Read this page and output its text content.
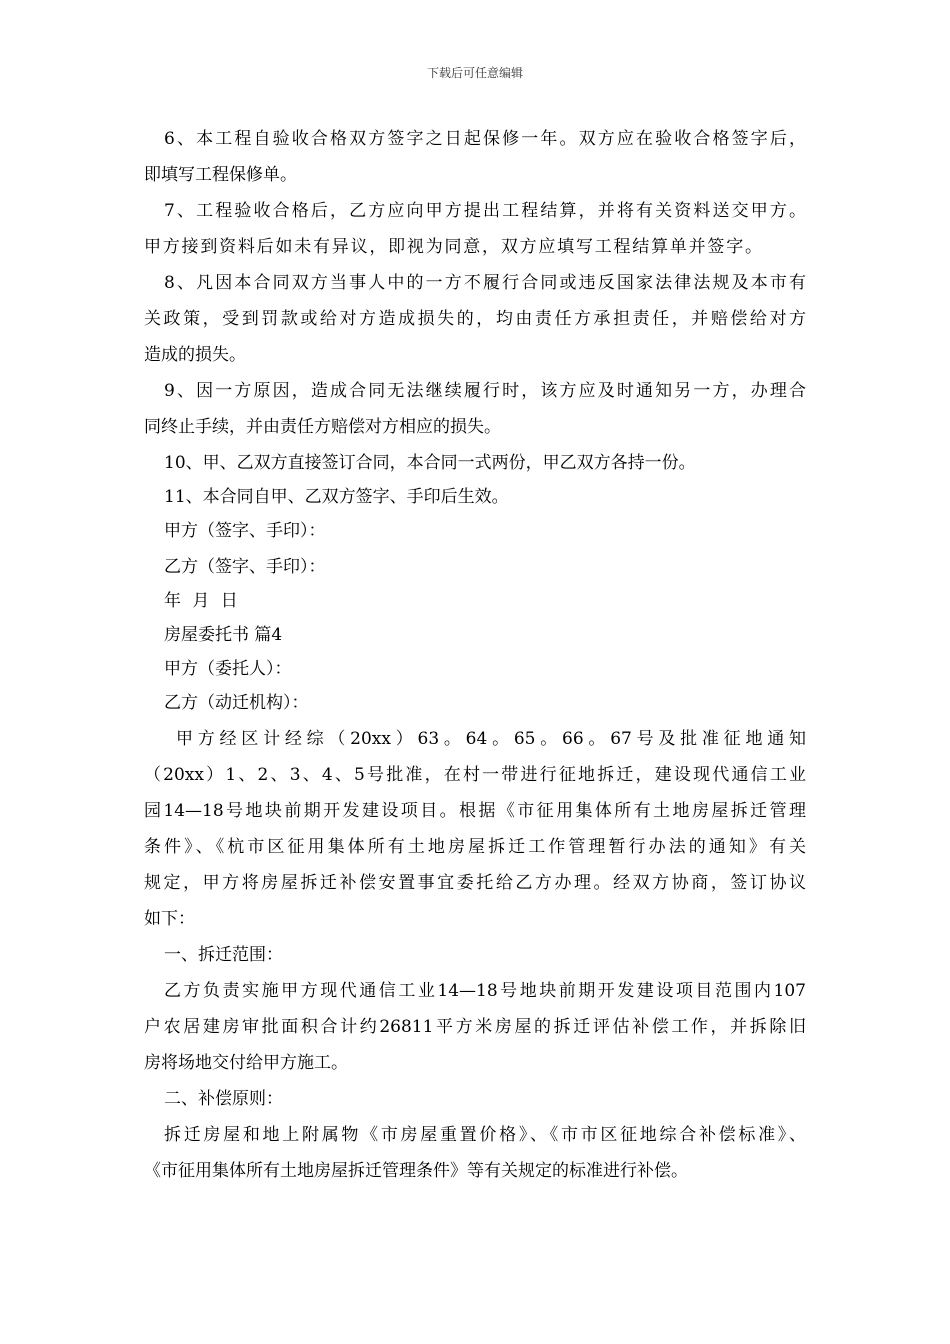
下载后可任意编辑
6、本工程自验收合格双方签字之日起保修一年。双方应在验收合格签字后，
即填写工程保修单。
7、工程验收合格后，乙方应向甲方提出工程结算，并将有关资料送交甲方。
甲方接到资料后如未有异议，即视为同意，双方应填写工程结算单并签字。
8、凡因本合同双方当事人中的一方不履行合同或违反国家法律法规及本市有
关政策，受到罚款或给对方造成损失的，均由责任方承担责任，并赔偿给对方
造成的损失。
9、因一方原因，造成合同无法继续履行时，该方应及时通知另一方，办理合
同终止手续，并由责任方赔偿对方相应的损失。
10、甲、乙双方直接签订合同，本合同一式两份，甲乙双方各持一份。
11、本合同自甲、乙双方签字、手印后生效。
甲方（签字、手印）：
乙方（签字、手印）：
年 月 日
房屋委托书 篇4
甲方（委托人）：
乙方（动迁机构）：
甲方经区计经综（20xx）63。64。65。66。67号及批准征地通知
（20xx）1、2、3、4、5号批准，在村一带进行征地拆迁，建设现代通信工业
园14—18号地块前期开发建设项目。根据《市征用集体所有土地房屋拆迁管理
条件》、《杭市区征用集体所有土地房屋拆迁工作管理暂行办法的通知》有关
规定，甲方将房屋拆迁补偿安置事宜委托给乙方办理。经双方协商，签订协议
如下：
一、拆迁范围：
乙方负责实施甲方现代通信工业14—18号地块前期开发建设项目范围内107
户农居建房审批面积合计约26811平方米房屋的拆迁评估补偿工作，并拆除旧
房将场地交付给甲方施工。
二、补偿原则：
拆迁房屋和地上附属物《市房屋重置价格》、《市市区征地综合补偿标准》、
《市征用集体所有土地房屋拆迁管理条件》等有关规定的标准进行补偿。
